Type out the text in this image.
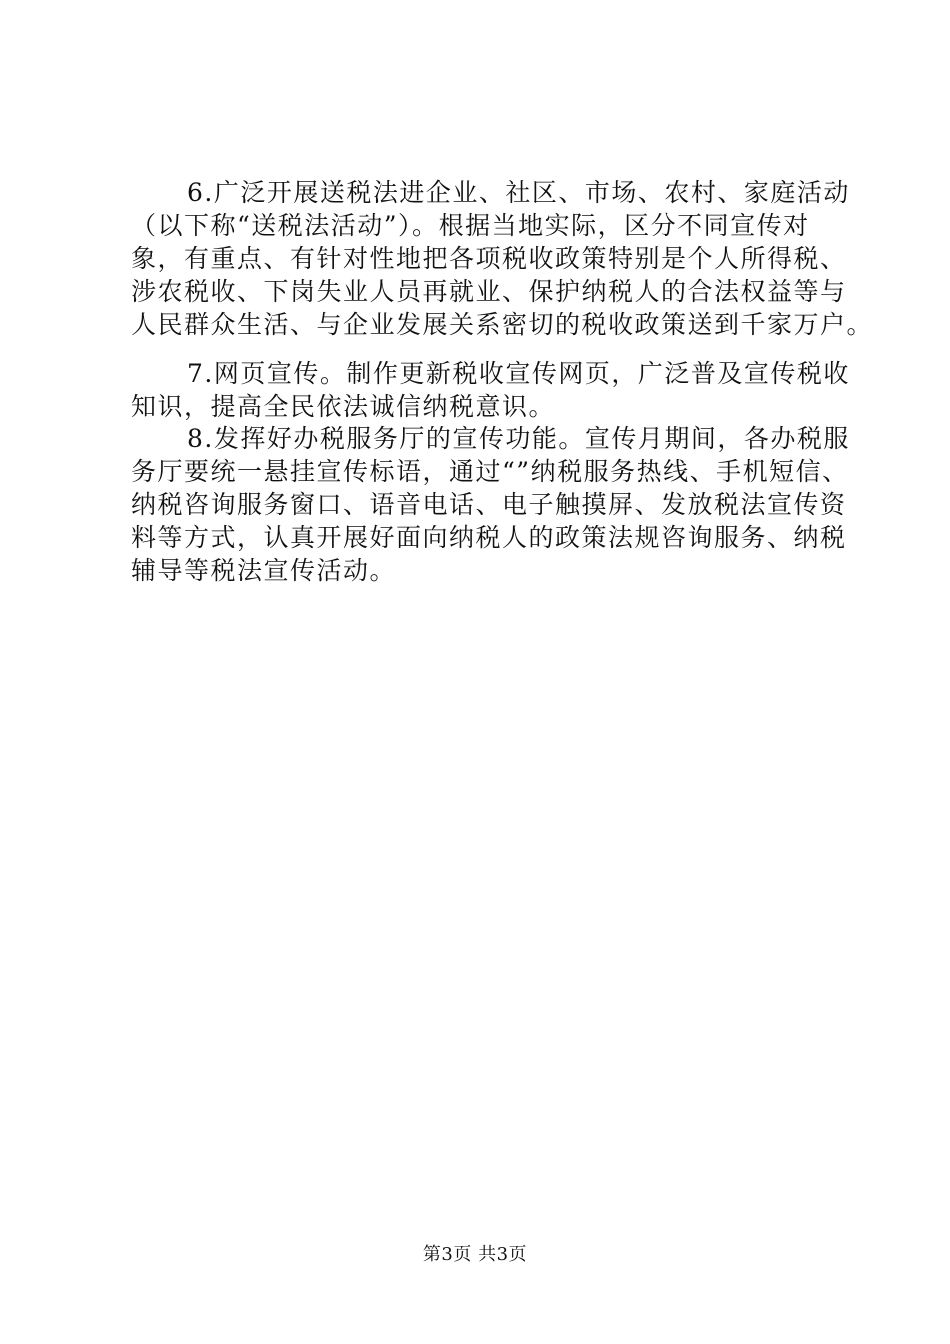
6.广泛开展送税法进企业、社区、市场、农村、家庭活动
（以下称“送税法活动”）。根据当地实际，区分不同宣传对
象，有重点、有针对性地把各项税收政策特别是个人所得税、
涉农税收、下岗失业人员再就业、保护纳税人的合法权益等与
人民群众生活、与企业发展关系密切的税收政策送到千家万户。

7.网页宣传。制作更新税收宣传网页，广泛普及宣传税收
知识，提高全民依法诚信纳税意识。

8.发挥好办税服务厅的宣传功能。宣传月期间，各办税服
务厅要统一悬挂宣传标语，通过“”纳税服务热线、手机短信、
纳税咨询服务窗口、语音电话、电子触摸屏、发放税法宣传资
料等方式，认真开展好面向纳税人的政策法规咨询服务、纳税
辅导等税法宣传活动。

第3页 共3页
